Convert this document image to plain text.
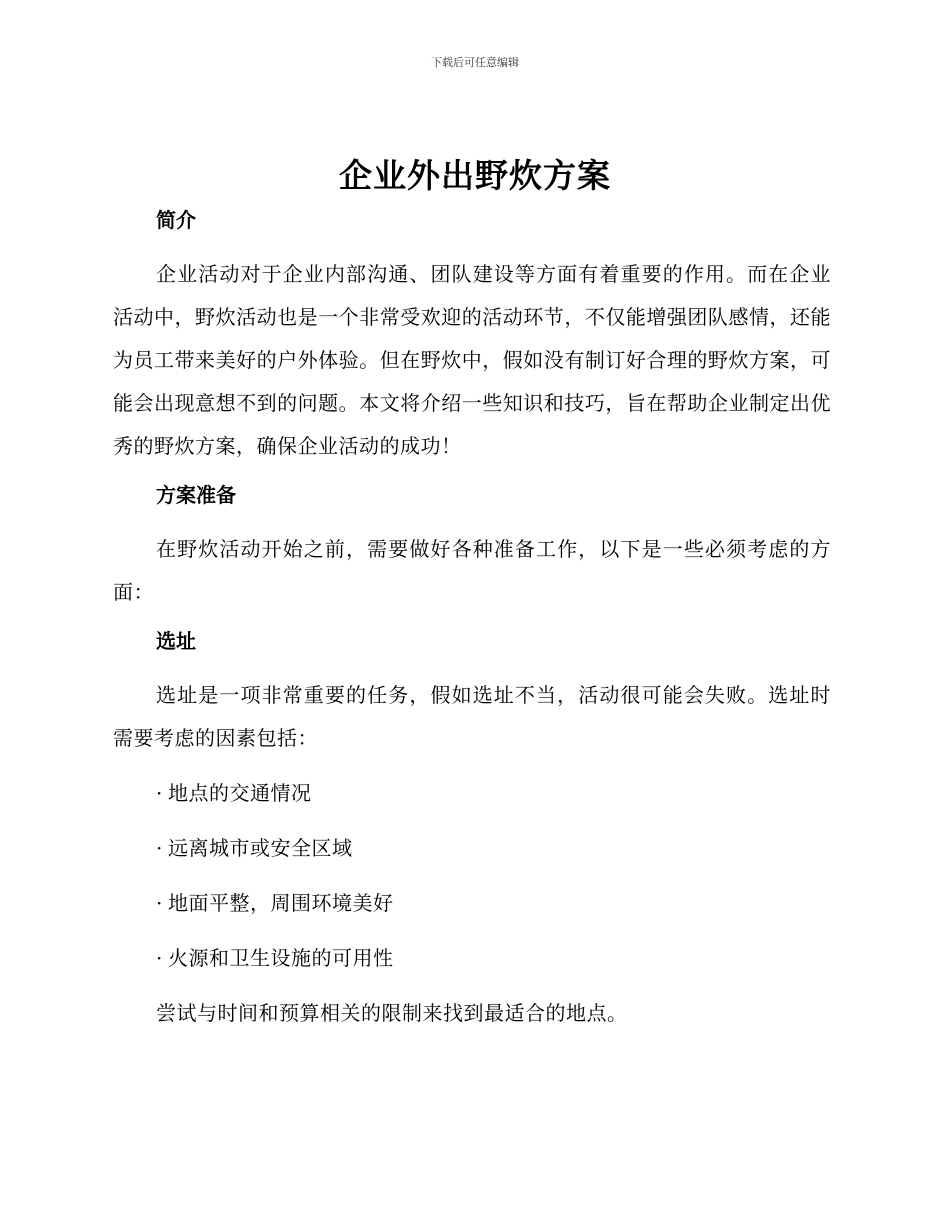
下载后可任意编辑
企业外出野炊方案
简介

企业活动对于企业内部沟通、团队建设等方面有着重要的作用。而在企业活动中，野炊活动也是一个非常受欢迎的活动环节，不仅能增强团队感情，还能为员工带来美好的户外体验。但在野炊中，假如没有制订好合理的野炊方案，可能会出现意想不到的问题。本文将介绍一些知识和技巧，旨在帮助企业制定出优秀的野炊方案，确保企业活动的成功！

方案准备

在野炊活动开始之前，需要做好各种准备工作，以下是一些必须考虑的方面：

选址

选址是一项非常重要的任务，假如选址不当，活动很可能会失败。选址时需要考虑的因素包括：

· 地点的交通情况
· 远离城市或安全区域
· 地面平整，周围环境美好
· 火源和卫生设施的可用性

尝试与时间和预算相关的限制来找到最适合的地点。
